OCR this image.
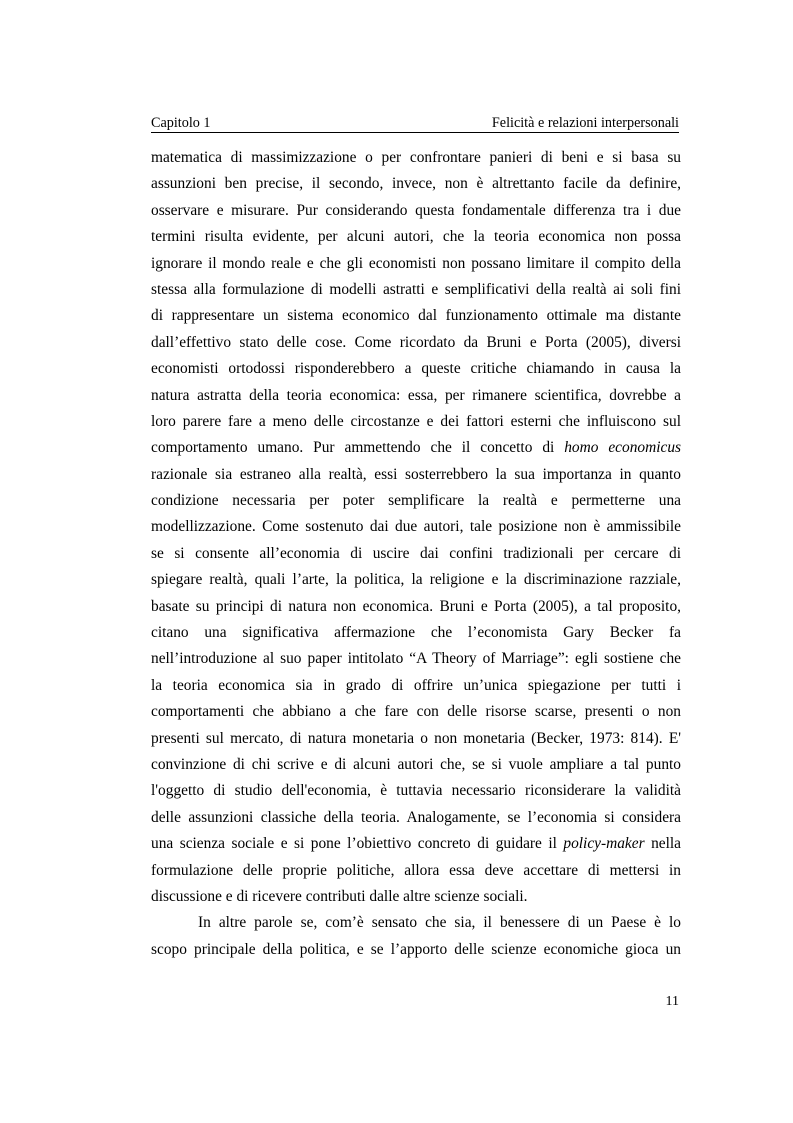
Capitolo 1	Felicità e relazioni interpersonali
matematica di massimizzazione o per confrontare panieri di beni e si basa su
assunzioni ben precise, il secondo, invece, non è altrettanto facile da definire,
osservare e misurare. Pur considerando questa fondamentale differenza tra i due
termini risulta evidente, per alcuni autori, che la teoria economica non possa
ignorare il mondo reale e che gli economisti non possano limitare il compito della
stessa alla formulazione di modelli astratti e semplificativi della realtà ai soli fini
di rappresentare un sistema economico dal funzionamento ottimale ma distante
dall’effettivo stato delle cose. Come ricordato da Bruni e Porta (2005), diversi
economisti ortodossi risponderebbero a queste critiche chiamando in causa la
natura astratta della teoria economica: essa, per rimanere scientifica, dovrebbe a
loro parere fare a meno delle circostanze e dei fattori esterni che influiscono sul
comportamento umano. Pur ammettendo che il concetto di homo economicus
razionale sia estraneo alla realtà, essi sosterrebbero la sua importanza in quanto
condizione necessaria per poter semplificare la realtà e permetterne una
modellizzazione. Come sostenuto dai due autori, tale posizione non è ammissibile
se si consente all’economia di uscire dai confini tradizionali per cercare di
spiegare realtà, quali l’arte, la politica, la religione e la discriminazione razziale,
basate su principi di natura non economica. Bruni e Porta (2005), a tal proposito,
citano una significativa affermazione che l’economista Gary Becker fa
nell’introduzione al suo paper intitolato “A Theory of Marriage”: egli sostiene che
la teoria economica sia in grado di offrire un’unica spiegazione per tutti i
comportamenti che abbiano a che fare con delle risorse scarse, presenti o non
presenti sul mercato, di natura monetaria o non monetaria (Becker, 1973: 814). E'
convinzione di chi scrive e di alcuni autori che, se si vuole ampliare a tal punto
l'oggetto di studio dell'economia, è tuttavia necessario riconsiderare la validità
delle assunzioni classiche della teoria. Analogamente, se l’economia si considera
una scienza sociale e si pone l’obiettivo concreto di guidare il policy-maker nella
formulazione delle proprie politiche, allora essa deve accettare di mettersi in
discussione e di ricevere contributi dalle altre scienze sociali.
In altre parole se, com’è sensato che sia, il benessere di un Paese è lo
scopo principale della politica, e se l’apporto delle scienze economiche gioca un
11
